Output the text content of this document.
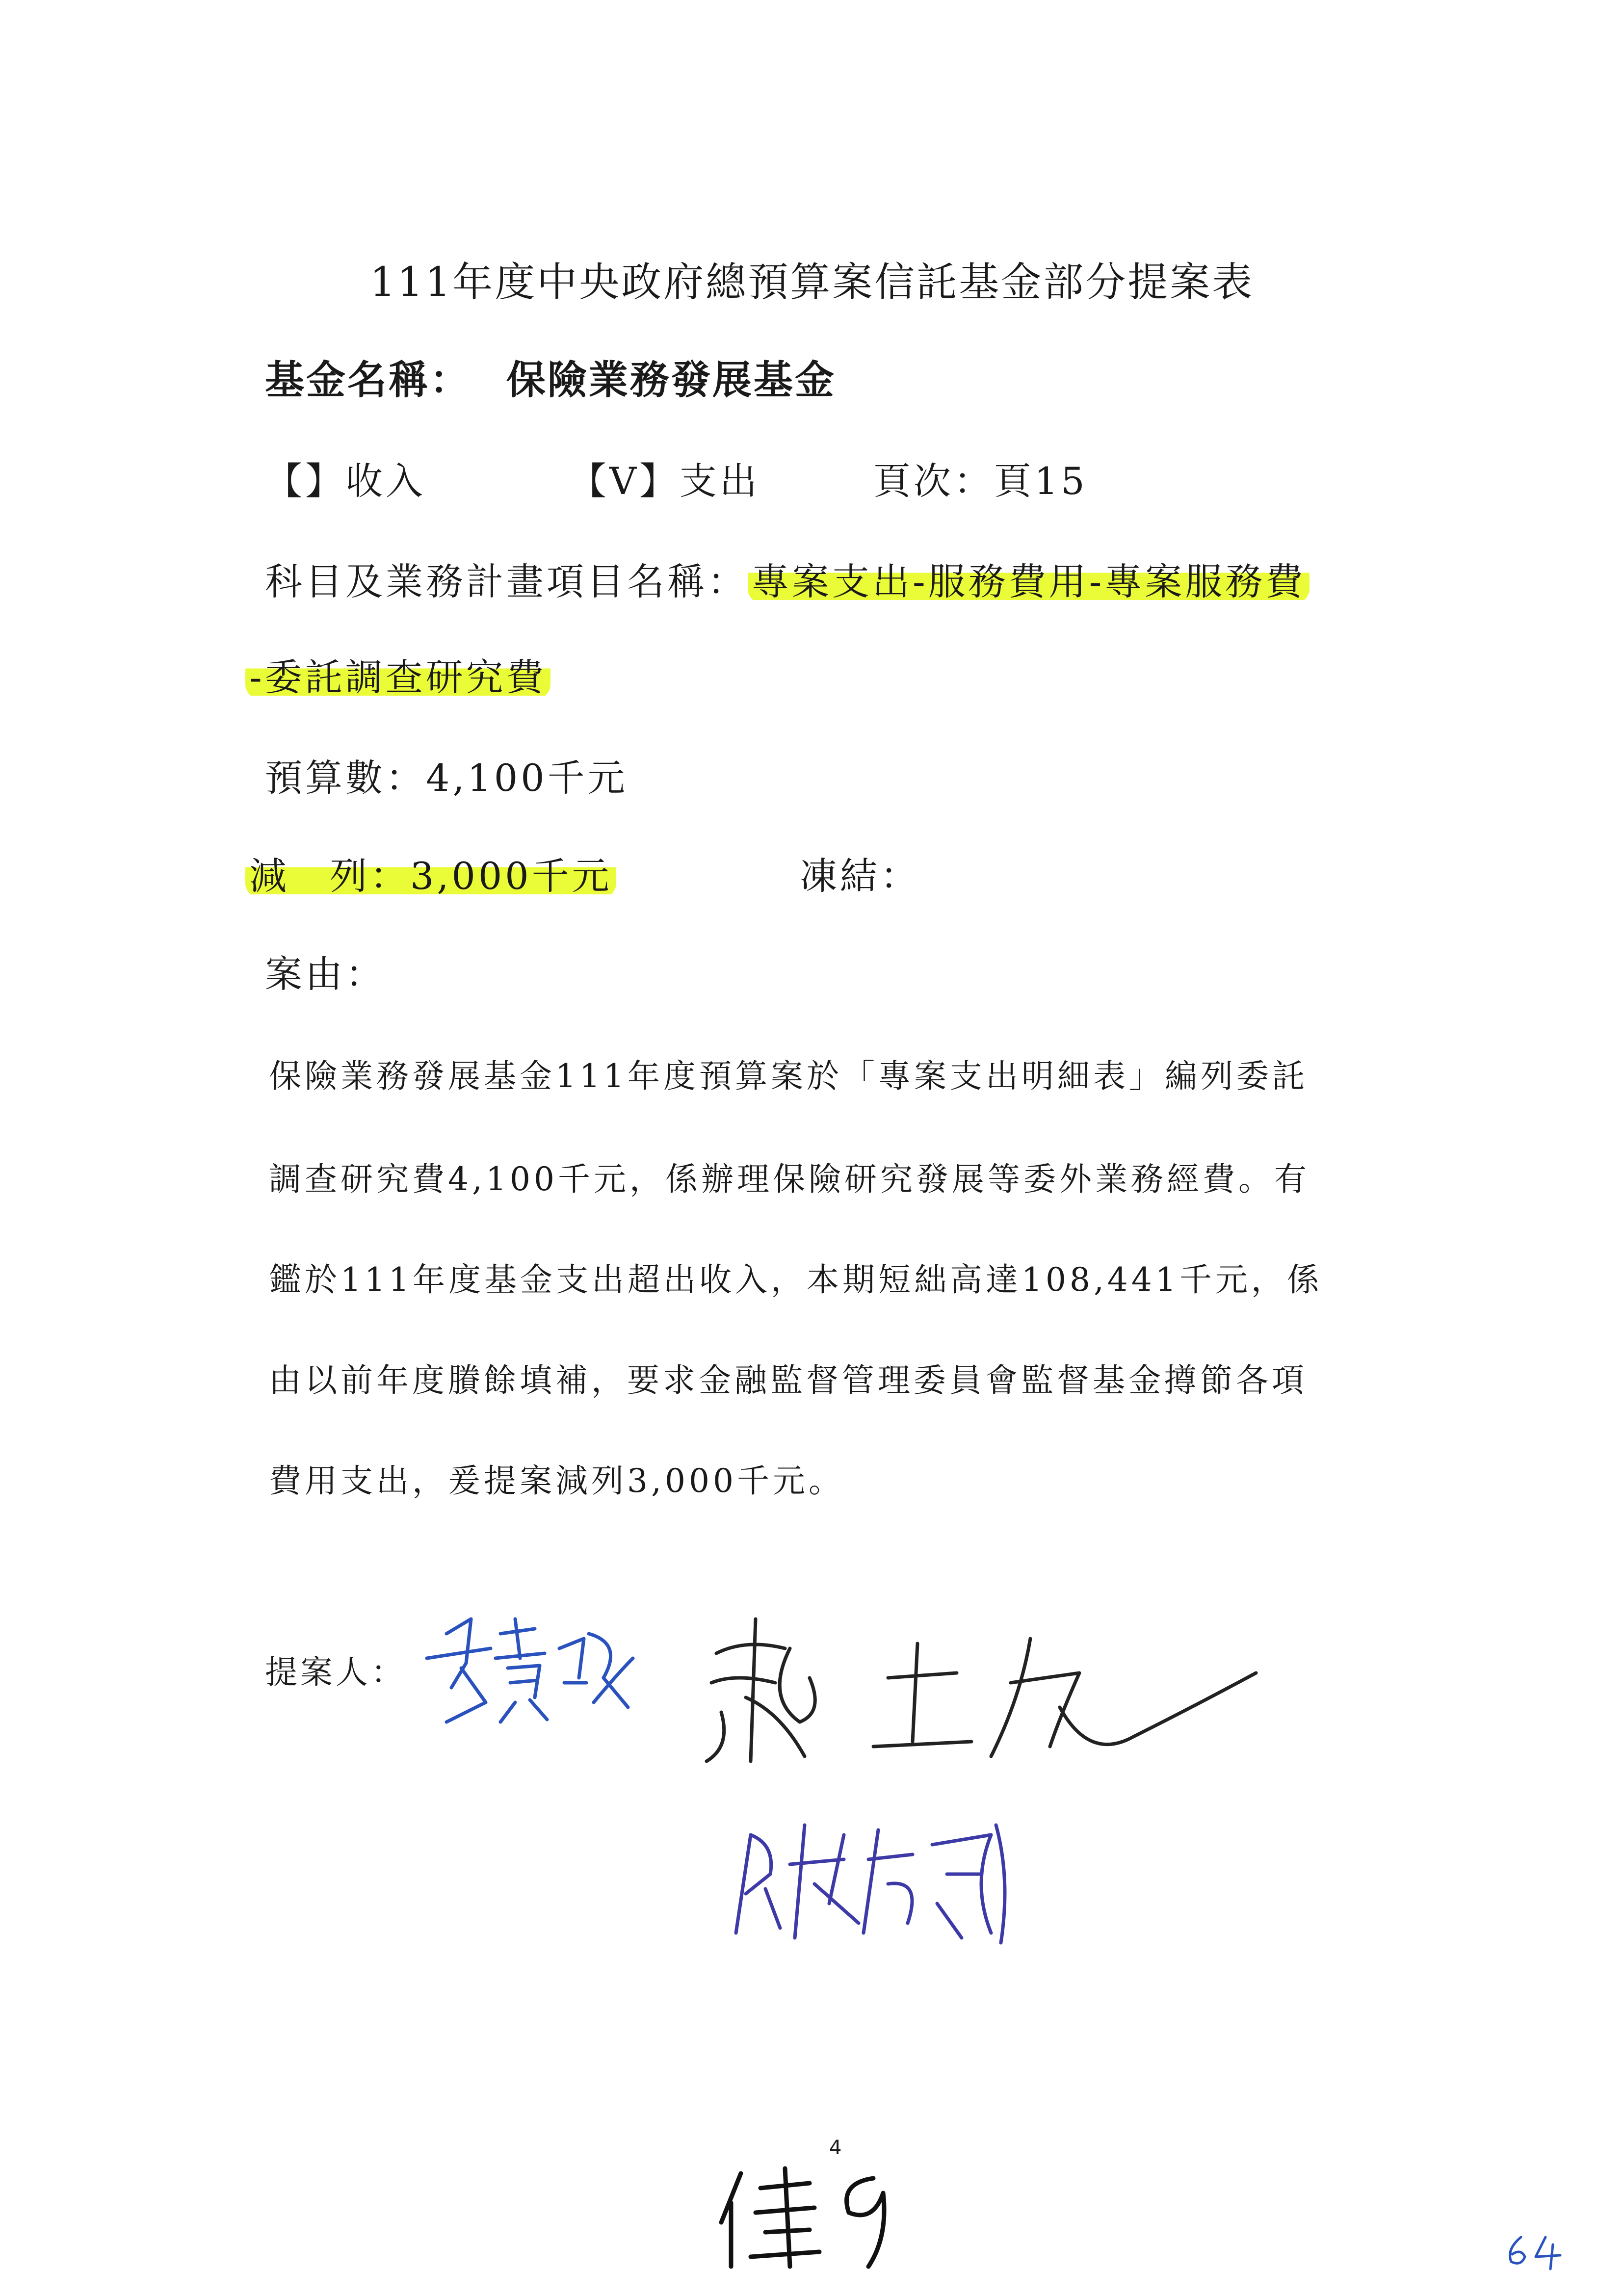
111年度中央政府總預算案信託基金部分提案表
基金名稱： 保險業務發展基金
【】收入	【V】支出	頁次：頁15
科目及業務計畫項目名稱： 專案支出-服務費用-專案服務費
-委託調查研究費
預算數：4,100千元
減　列：3,000千元	凍結：
案由：
保險業務發展基金111年度預算案於「專案支出明細表」編列委託
調查研究費4,100千元，係辦理保險研究發展等委外業務經費。有
鑑於111年度基金支出超出收入，本期短絀高達108,441千元，係
由以前年度賸餘填補，要求金融監督管理委員會監督基金撙節各項
費用支出，爰提案減列3,000千元。
提案人：
4
